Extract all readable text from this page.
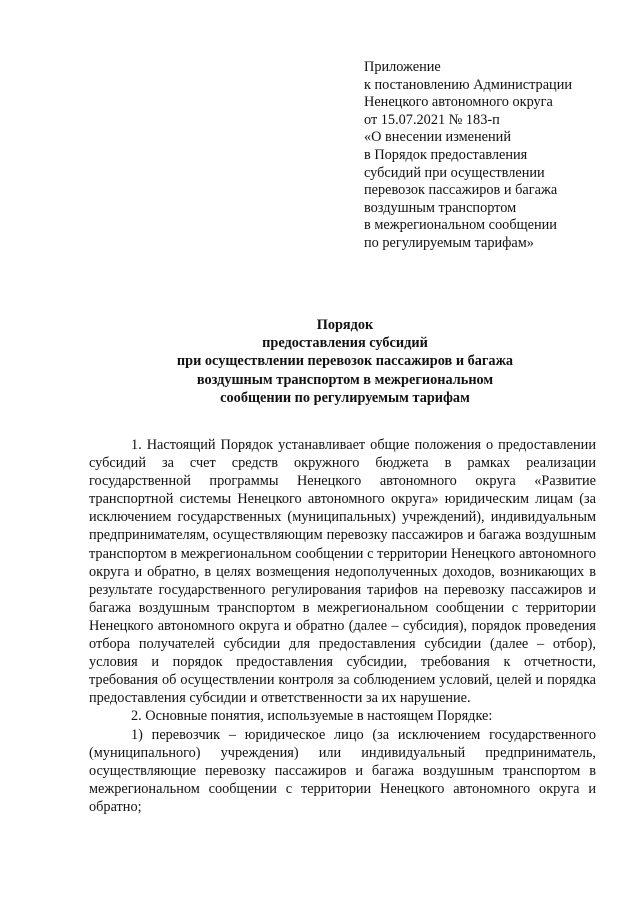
Приложение
к постановлению Администрации
Ненецкого автономного округа
от 15.07.2021 № 183-п
«О внесении изменений
в Порядок предоставления
субсидий при осуществлении
перевозок пассажиров и багажа
воздушным транспортом
в межрегиональном сообщении
по регулируемым тарифам»
Порядок
предоставления субсидий
при осуществлении перевозок пассажиров и багажа
воздушным транспортом в межрегиональном
сообщении по регулируемым тарифам

1. Настоящий Порядок устанавливает общие положения о предоставлении субсидий за счет средств окружного бюджета в рамках реализации государственной программы Ненецкого автономного округа «Развитие транспортной системы Ненецкого автономного округа» юридическим лицам (за исключением государственных (муниципальных) учреждений), индивидуальным предпринимателям, осуществляющим перевозку пассажиров и багажа воздушным транспортом в межрегиональном сообщении с территории Ненецкого автономного округа и обратно, в целях возмещения недополученных доходов, возникающих в результате государственного регулирования тарифов на перевозку пассажиров и багажа воздушным транспортом в межрегиональном сообщении с территории Ненецкого автономного округа и обратно (далее – субсидия), порядок проведения отбора получателей субсидии для предоставления субсидии (далее – отбор), условия и порядок предоставления субсидии, требования к отчетности, требования об осуществлении контроля за соблюдением условий, целей и порядка предоставления субсидии и ответственности за их нарушение.

2. Основные понятия, используемые в настоящем Порядке:

1) перевозчик – юридическое лицо (за исключением государственного (муниципального) учреждения) или индивидуальный предприниматель, осуществляющие перевозку пассажиров и багажа воздушным транспортом в межрегиональном сообщении с территории Ненецкого автономного округа и обратно;
